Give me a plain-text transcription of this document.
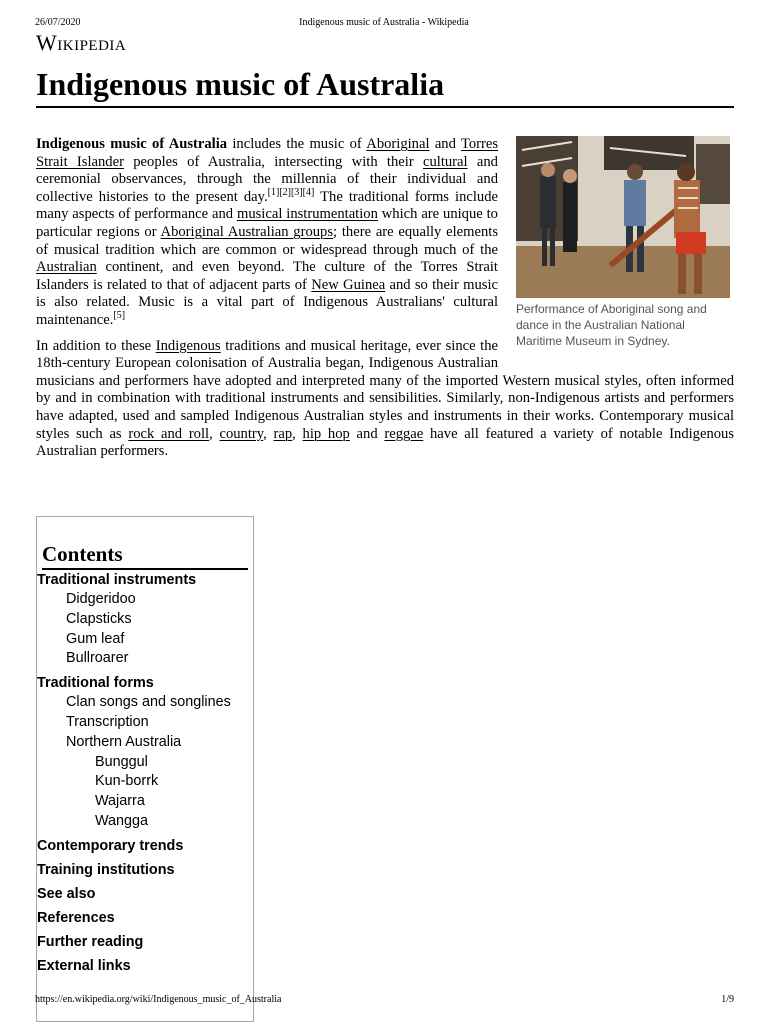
26/07/2020	Indigenous music of Australia - Wikipedia
Wikipedia
Indigenous music of Australia
Performance of Aboriginal song and dance in the Australian National Maritime Museum in Sydney.

Indigenous music of Australia includes the music of Aboriginal and Torres Strait Islander peoples of Australia, intersecting with their cultural and ceremonial observances, through the millennia of their individual and collective histories to the present day.[1][2][3][4] The traditional forms include many aspects of performance and musical instrumentation which are unique to particular regions or Aboriginal Australian groups; there are equally elements of musical tradition which are common or widespread through much of the Australian continent, and even beyond. The culture of the Torres Strait Islanders is related to that of adjacent parts of New Guinea and so their music is also related. Music is a vital part of Indigenous Australians' cultural maintenance.[5]

In addition to these Indigenous traditions and musical heritage, ever since the 18th-century European colonisation of Australia began, Indigenous Australian musicians and performers have adopted and interpreted many of the imported Western musical styles, often informed by and in combination with traditional instruments and sensibilities. Similarly, non-Indigenous artists and performers have adapted, used and sampled Indigenous Australian styles and instruments in their works. Contemporary musical styles such as rock and roll, country, rap, hip hop and reggae have all featured a variety of notable Indigenous Australian performers.

Contents
Traditional instruments
Didgeridoo
Clapsticks
Gum leaf
Bullroarer
Traditional forms
Clan songs and songlines
Transcription
Northern Australia
Bunggul
Kun-borrk
Wajarra
Wangga
Contemporary trends
Training institutions
See also
References
Further reading
External links
https://en.wikipedia.org/wiki/Indigenous_music_of_Australia	1/9
